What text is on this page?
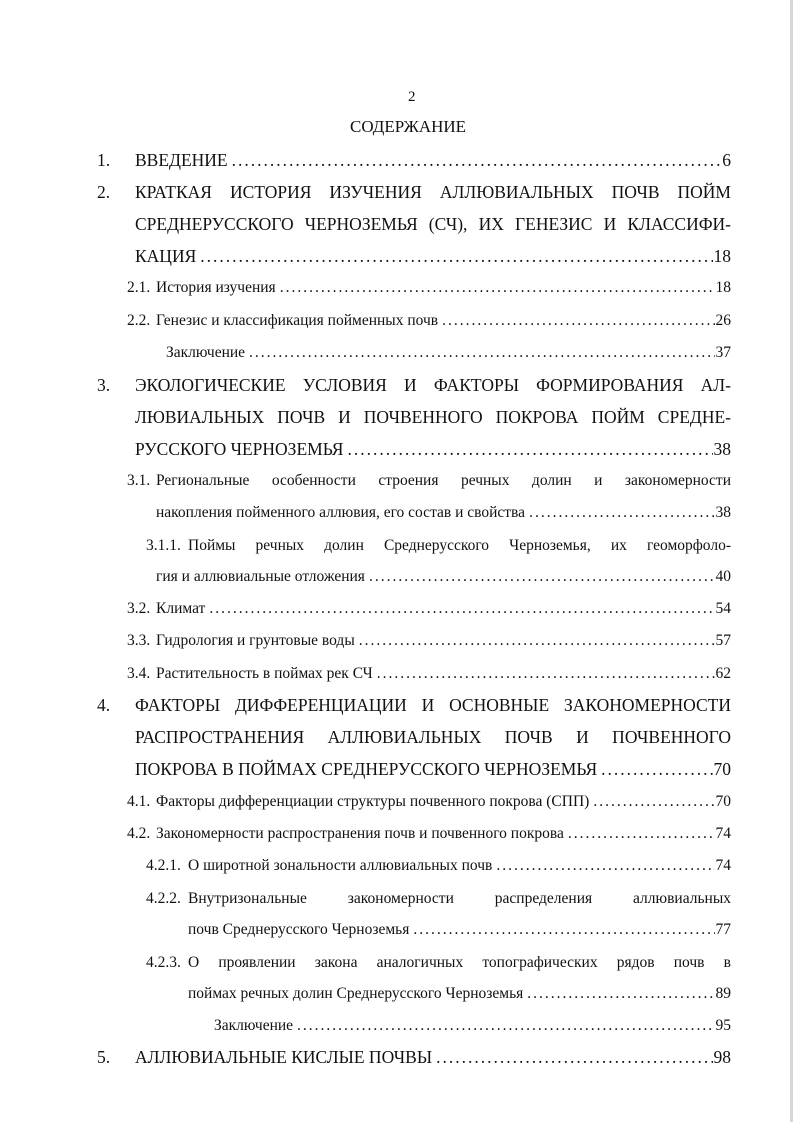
2
СОДЕРЖАНИЕ
1. ВВЕДЕНИЕ .....	6
2. КРАТКАЯ ИСТОРИЯ ИЗУЧЕНИЯ АЛЛЮВИАЛЬНЫХ ПОЧВ ПОЙМ
СРЕДНЕРУССКОГО ЧЕРНОЗЕМЬЯ (СЧ), ИХ ГЕНЕЗИС И КЛАССИФИ-
КАЦИЯ .....	18
2.1. История изучения .....	18
2.2. Генезис и классификация пойменных почв .....	26
Заключение .....	37
3. ЭКОЛОГИЧЕСКИЕ УСЛОВИЯ И ФАКТОРЫ ФОРМИРОВАНИЯ АЛ-
ЛЮВИАЛЬНЫХ ПОЧВ И ПОЧВЕННОГО ПОКРОВА ПОЙМ СРЕДНЕ-
РУССКОГО ЧЕРНОЗЕМЬЯ .....	38
3.1. Региональные особенности строения речных долин и закономерности
накопления пойменного аллювия, его состав и свойства .....	38
3.1.1. Поймы речных долин Среднерусского Черноземья, их геоморфоло-
гия и аллювиальные отложения .....	40
3.2. Климат .....	54
3.3. Гидрология и грунтовые воды .....	57
3.4. Растительность в поймах рек СЧ .....	62
4. ФАКТОРЫ ДИФФЕРЕНЦИАЦИИ И ОСНОВНЫЕ ЗАКОНОМЕРНОСТИ
РАСПРОСТРАНЕНИЯ АЛЛЮВИАЛЬНЫХ ПОЧВ И ПОЧВЕННОГО
ПОКРОВА В ПОЙМАХ СРЕДНЕРУССКОГО ЧЕРНОЗЕМЬЯ .....	70
4.1. Факторы дифференциации структуры почвенного покрова (СПП) .....	70
4.2. Закономерности распространения почв и почвенного покрова .....	74
4.2.1. О широтной зональности аллювиальных почв .....	74
4.2.2. Внутризональные закономерности распределения аллювиальных
почв Среднерусского Черноземья .....	77
4.2.3. О проявлении закона аналогичных топографических рядов почв в
поймах речных долин Среднерусского Черноземья .....	89
Заключение .....	95
5. АЛЛЮВИАЛЬНЫЕ КИСЛЫЕ ПОЧВЫ .....	98
